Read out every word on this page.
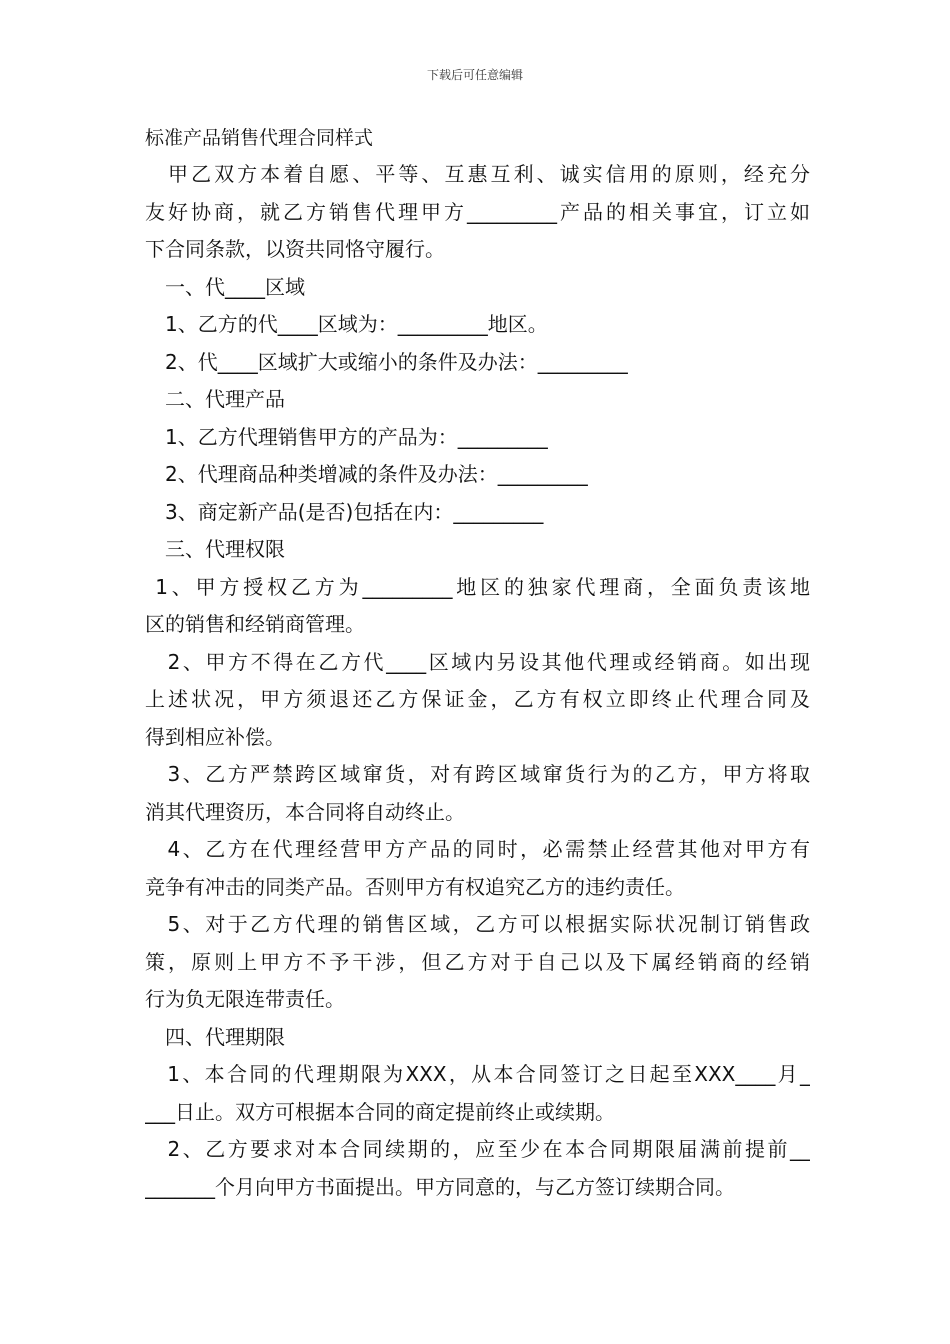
下载后可任意编辑
标准产品销售代理合同样式
　甲乙双方本着自愿、平等、互惠互利、诚实信用的原则，经充分
友好协商，就乙方销售代理甲方_________产品的相关事宜，订立如
下合同条款，以资共同恪守履行。
　一、代____区域
　1、乙方的代____区域为：_________地区。
　2、代____区域扩大或缩小的条件及办法：_________
　二、代理产品
　1、乙方代理销售甲方的产品为：_________
　2、代理商品种类增减的条件及办法：_________
　3、商定新产品(是否)包括在内：_________
　三、代理权限
1、甲方授权乙方为_________地区的独家代理商，全面负责该地
区的销售和经销商管理。
　2、甲方不得在乙方代____区域内另设其他代理或经销商。如出现
上述状况，甲方须退还乙方保证金，乙方有权立即终止代理合同及
得到相应补偿。
　3、乙方严禁跨区域窜货，对有跨区域窜货行为的乙方，甲方将取
消其代理资历，本合同将自动终止。
　4、乙方在代理经营甲方产品的同时，必需禁止经营其他对甲方有
竞争有冲击的同类产品。否则甲方有权追究乙方的违约责任。
　5、对于乙方代理的销售区域，乙方可以根据实际状况制订销售政
策，原则上甲方不予干涉，但乙方对于自己以及下属经销商的经销
行为负无限连带责任。
　四、代理期限
　1、本合同的代理期限为XXX，从本合同签订之日起至XXX____月_
___日止。双方可根据本合同的商定提前终止或续期。
　2、乙方要求对本合同续期的，应至少在本合同期限届满前提前__
_______个月向甲方书面提出。甲方同意的，与乙方签订续期合同。
